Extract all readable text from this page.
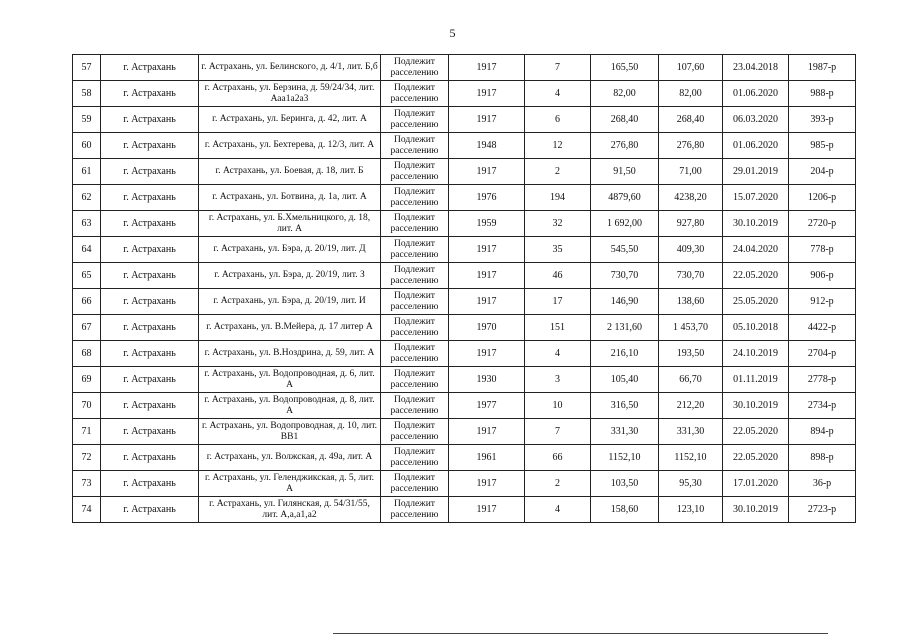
5
57	г. Астрахань	г. Астрахань, ул. Белинского, д. 4/1, лит. Б,б	Подлежит расселению	1917	7	165,50	107,60	23.04.2018	1987-р
58	г. Астрахань	г. Астрахань, ул. Берзина, д. 59/24/34, лит. Ааа1а2а3	Подлежит расселению	1917	4	82,00	82,00	01.06.2020	988-р
59	г. Астрахань	г. Астрахань, ул. Беринга, д. 42, лит. А	Подлежит расселению	1917	6	268,40	268,40	06.03.2020	393-р
60	г. Астрахань	г. Астрахань, ул. Бехтерева, д. 12/3, лит. А	Подлежит расселению	1948	12	276,80	276,80	01.06.2020	985-р
61	г. Астрахань	г. Астрахань, ул. Боевая, д. 18, лит. Б	Подлежит расселению	1917	2	91,50	71,00	29.01.2019	204-р
62	г. Астрахань	г. Астрахань, ул. Ботвина, д. 1а, лит. А	Подлежит расселению	1976	194	4879,60	4238,20	15.07.2020	1206-р
63	г. Астрахань	г. Астрахань, ул. Б.Хмельницкого, д. 18, лит. А	Подлежит расселению	1959	32	1 692,00	927,80	30.10.2019	2720-р
64	г. Астрахань	г. Астрахань, ул. Бэра, д. 20/19, лит. Д	Подлежит расселению	1917	35	545,50	409,30	24.04.2020	778-р
65	г. Астрахань	г. Астрахань, ул. Бэра, д. 20/19, лит. З	Подлежит расселению	1917	46	730,70	730,70	22.05.2020	906-р
66	г. Астрахань	г. Астрахань, ул. Бэра, д. 20/19, лит. И	Подлежит расселению	1917	17	146,90	138,60	25.05.2020	912-р
67	г. Астрахань	г. Астрахань, ул. В.Мейера, д. 17 литер А	Подлежит расселению	1970	151	2 131,60	1 453,70	05.10.2018	4422-р
68	г. Астрахань	г. Астрахань, ул. В.Ноздрина, д. 59, лит. А	Подлежит расселению	1917	4	216,10	193,50	24.10.2019	2704-р
69	г. Астрахань	г. Астрахань, ул. Водопроводная, д. 6, лит. А	Подлежит расселению	1930	3	105,40	66,70	01.11.2019	2778-р
70	г. Астрахань	г. Астрахань, ул. Водопроводная, д. 8, лит. А	Подлежит расселению	1977	10	316,50	212,20	30.10.2019	2734-р
71	г. Астрахань	г. Астрахань, ул. Водопроводная, д. 10, лит. ВВ1	Подлежит расселению	1917	7	331,30	331,30	22.05.2020	894-р
72	г. Астрахань	г. Астрахань, ул. Волжская, д. 49а, лит. А	Подлежит расселению	1961	66	1152,10	1152,10	22.05.2020	898-р
73	г. Астрахань	г. Астрахань, ул. Геленджикская, д. 5, лит. А	Подлежит расселению	1917	2	103,50	95,30	17.01.2020	36-р
74	г. Астрахань	г. Астрахань, ул. Гилянская, д. 54/31/55, лит. А,а,а1,а2	Подлежит расселению	1917	4	158,60	123,10	30.10.2019	2723-р
